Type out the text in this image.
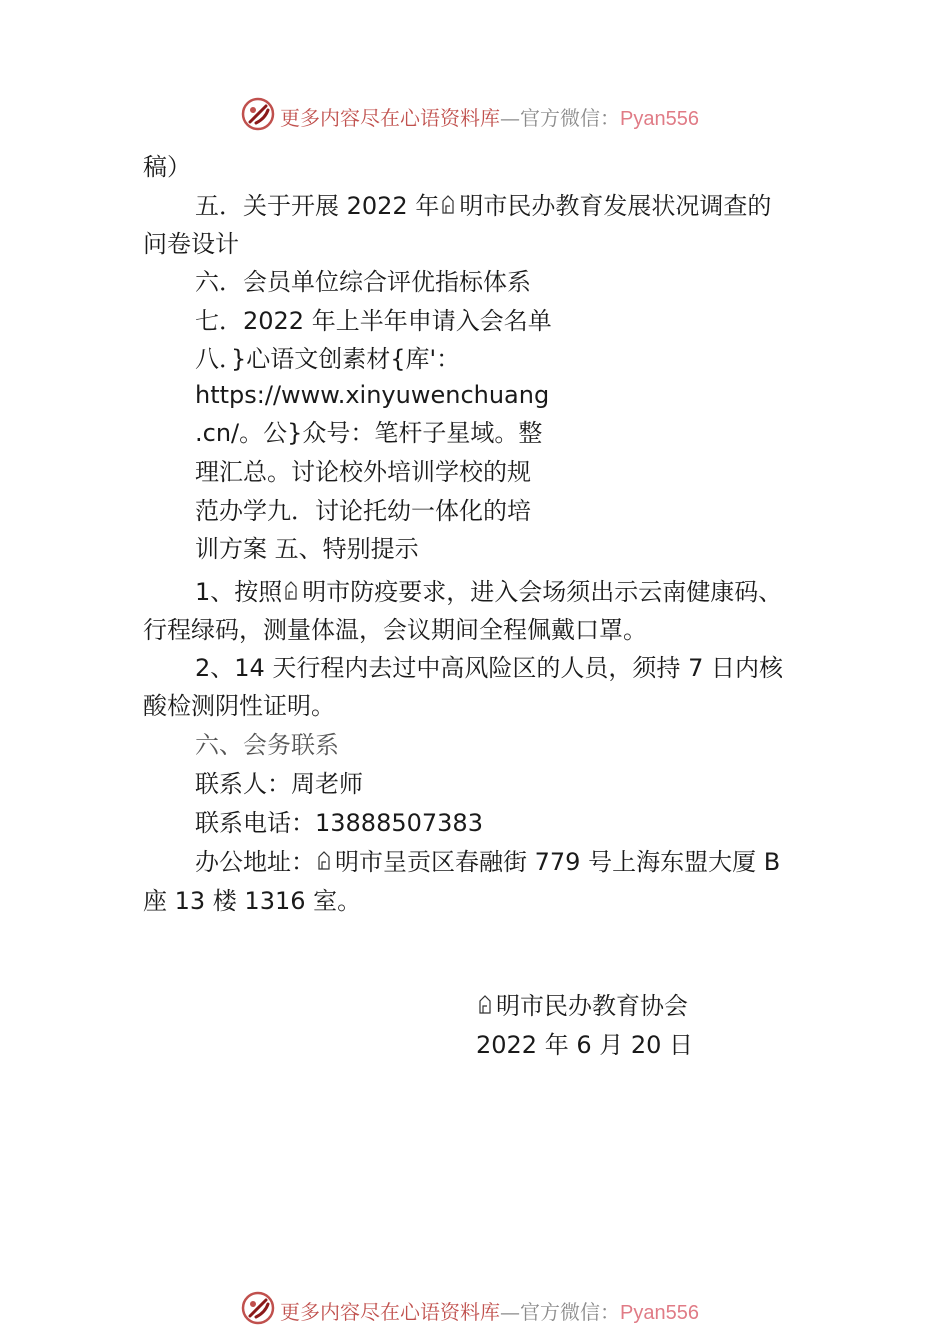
更多内容尽在心语资料库—官方微信：Pyan556
稿）
五．关于开展 2022 年 明市民办教育发展状况调查的
问卷设计
六．会员单位综合评优指标体系
七．2022 年上半年申请入会名单
八．}心语文创素材{库'：
https://www.xinyuwenchuang
.cn/。公}众号：笔杆子星域。整
理汇总。讨论校外培训学校的规
范办学九．讨论托幼一体化的培
训方案 五、特别提示
1、按照 明市防疫要求，进入会场须出示云南健康码、
行程绿码，测量体温，会议期间全程佩戴口罩。
2、14 天行程内去过中高风险区的人员，须持 7 日内核
酸检测阴性证明。
六、会务联系
联系人：周老师
联系电话：13888507383
办公地址： 明市呈贡区春融街 779 号上海东盟大厦 B
座 13 楼 1316 室。
明市民办教育协会
2022 年 6 月 20 日
更多内容尽在心语资料库—官方微信：Pyan556
